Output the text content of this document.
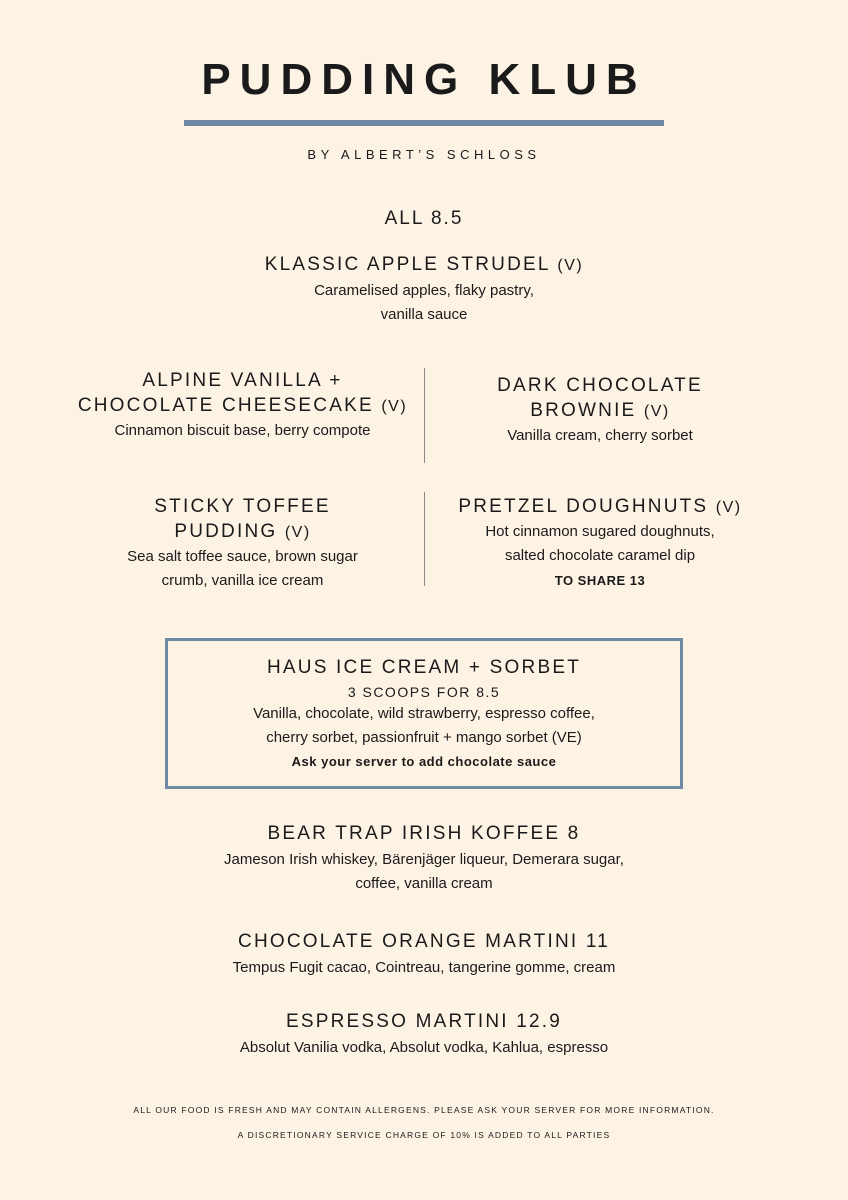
PUDDING KLUB
BY ALBERT’S SCHLOSS
ALL 8.5
KLASSIC APPLE STRUDEL (V)
Caramelised apples, flaky pastry,
vanilla sauce
ALPINE VANILLA +
CHOCOLATE CHEESECAKE (V)
Cinnamon biscuit base, berry compote
DARK CHOCOLATE
BROWNIE (V)
Vanilla cream, cherry sorbet
STICKY TOFFEE
PUDDING (V)
Sea salt toffee sauce, brown sugar
crumb, vanilla ice cream
PRETZEL DOUGHNUTS (V)
Hot cinnamon sugared doughnuts,
salted chocolate caramel dip
TO SHARE 13
HAUS ICE CREAM + SORBET
3 SCOOPS FOR 8.5
Vanilla, chocolate, wild strawberry, espresso coffee,
cherry sorbet, passionfruit + mango sorbet (VE)
Ask your server to add chocolate sauce
BEAR TRAP IRISH KOFFEE 8
Jameson Irish whiskey, Bärenjäger liqueur, Demerara sugar,
coffee, vanilla cream
CHOCOLATE ORANGE MARTINI 11
Tempus Fugit cacao, Cointreau, tangerine gomme, cream
ESPRESSO MARTINI 12.9
Absolut Vanilia vodka, Absolut vodka, Kahlua, espresso
ALL OUR FOOD IS FRESH AND MAY CONTAIN ALLERGENS. PLEASE ASK YOUR SERVER FOR MORE INFORMATION.
A DISCRETIONARY SERVICE CHARGE OF 10% IS ADDED TO ALL PARTIES
